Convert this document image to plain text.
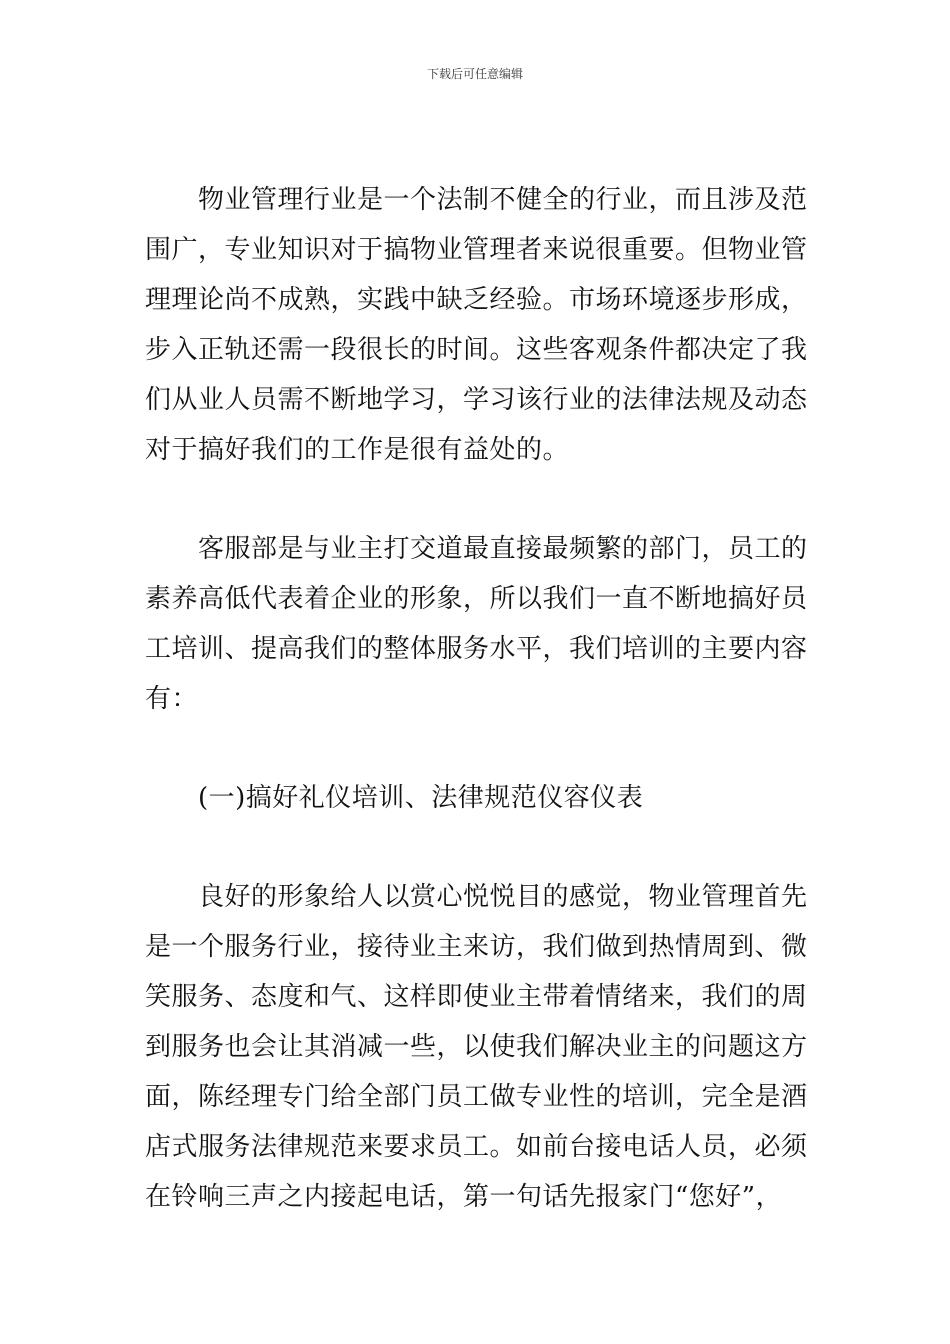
下载后可任意编辑
物业管理行业是一个法制不健全的行业，而且涉及范
围广，专业知识对于搞物业管理者来说很重要。但物业管
理理论尚不成熟，实践中缺乏经验。市场环境逐步形成，
步入正轨还需一段很长的时间。这些客观条件都决定了我
们从业人员需不断地学习，学习该行业的法律法规及动态
对于搞好我们的工作是很有益处的。
客服部是与业主打交道最直接最频繁的部门，员工的
素养高低代表着企业的形象，所以我们一直不断地搞好员
工培训、提高我们的整体服务水平，我们培训的主要内容
有：
(一)搞好礼仪培训、法律规范仪容仪表
良好的形象给人以赏心悦悦目的感觉，物业管理首先
是一个服务行业，接待业主来访，我们做到热情周到、微
笑服务、态度和气、这样即使业主带着情绪来，我们的周
到服务也会让其消减一些，以使我们解决业主的问题这方
面，陈经理专门给全部门员工做专业性的培训，完全是酒
店式服务法律规范来要求员工。如前台接电话人员，必须
在铃响三声之内接起电话，第一句话先报家门“您好”，
